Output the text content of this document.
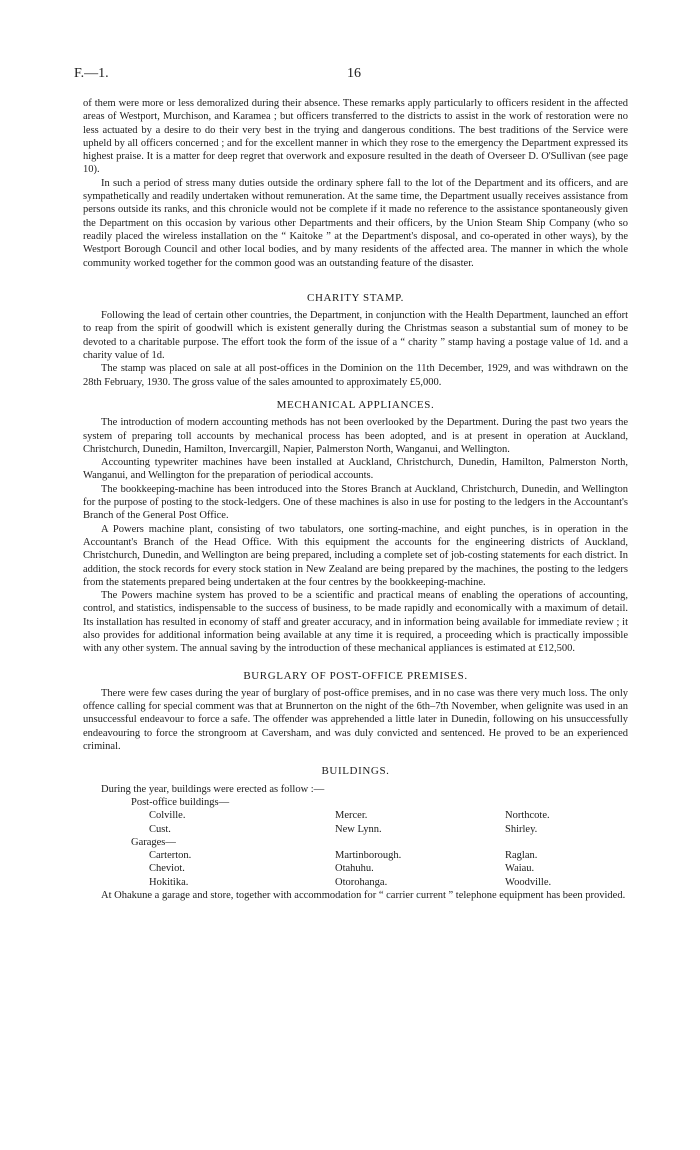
F.—1.	16

of them were more or less demoralized during their absence. These remarks apply particularly to officers resident in the affected areas of Westport, Murchison, and Karamea ; but officers transferred to the districts to assist in the work of restoration were no less actuated by a desire to do their very best in the trying and dangerous conditions. The best traditions of the Service were upheld by all officers concerned ; and for the excellent manner in which they rose to the emergency the Department expressed its highest praise. It is a matter for deep regret that overwork and exposure resulted in the death of Overseer D. O'Sullivan (see page 10).

In such a period of stress many duties outside the ordinary sphere fall to the lot of the Department and its officers, and are sympathetically and readily undertaken without remuneration. At the same time, the Department usually receives assistance from persons outside its ranks, and this chronicle would not be complete if it made no reference to the assistance spontaneously given the Department on this occasion by various other Departments and their officers, by the Union Steam Ship Company (who so readily placed the wireless installation on the “ Kaitoke ” at the Department's disposal, and co-operated in other ways), by the Westport Borough Council and other local bodies, and by many residents of the affected area. The manner in which the whole community worked together for the common good was an outstanding feature of the disaster.

CHARITY STAMP.

Following the lead of certain other countries, the Department, in conjunction with the Health Department, launched an effort to reap from the spirit of goodwill which is existent generally during the Christmas season a substantial sum of money to be devoted to a charitable purpose. The effort took the form of the issue of a “ charity ” stamp having a postage value of 1d. and a charity value of 1d.

The stamp was placed on sale at all post-offices in the Dominion on the 11th December, 1929, and was withdrawn on the 28th February, 1930. The gross value of the sales amounted to approximately £5,000.

MECHANICAL APPLIANCES.

The introduction of modern accounting methods has not been overlooked by the Department. During the past two years the system of preparing toll accounts by mechanical process has been adopted, and is at present in operation at Auckland, Christchurch, Dunedin, Hamilton, Invercargill, Napier, Palmerston North, Wanganui, and Wellington.

Accounting typewriter machines have been installed at Auckland, Christchurch, Dunedin, Hamilton, Palmerston North, Wanganui, and Wellington for the preparation of periodical accounts.

The bookkeeping-machine has been introduced into the Stores Branch at Auckland, Christchurch, Dunedin, and Wellington for the purpose of posting to the stock-ledgers. One of these machines is also in use for posting to the ledgers in the Accountant's Branch of the General Post Office.

A Powers machine plant, consisting of two tabulators, one sorting-machine, and eight punches, is in operation in the Accountant's Branch of the Head Office. With this equipment the accounts for the engineering districts of Auckland, Christchurch, Dunedin, and Wellington are being prepared, including a complete set of job-costing statements for each district. In addition, the stock records for every stock station in New Zealand are being prepared by the machines, the posting to the ledgers from the statements prepared being undertaken at the four centres by the bookkeeping-machine.

The Powers machine system has proved to be a scientific and practical means of enabling the operations of accounting, control, and statistics, indispensable to the success of business, to be made rapidly and economically with a maximum of detail. Its installation has resulted in economy of staff and greater accuracy, and in information being available for immediate review ; it also provides for additional information being available at any time it is required, a proceeding which is practically impossible with any other system. The annual saving by the introduction of these mechanical appliances is estimated at £12,500.

BURGLARY OF POST-OFFICE PREMISES.

There were few cases during the year of burglary of post-office premises, and in no case was there very much loss. The only offence calling for special comment was that at Brunnerton on the night of the 6th–7th November, when gelignite was used in an unsuccessful endeavour to force a safe. The offender was apprehended a little later in Dunedin, following on his unsuccessfully endeavouring to force the strongroom at Caversham, and was duly convicted and sentenced. He proved to be an experienced criminal.

BUILDINGS.

During the year, buildings were erected as follow :—

Post-office buildings—
Colville.	Mercer.	Northcote.
Cust.	New Lynn.	Shirley.
Garages—
Carterton.	Martinborough.	Raglan.
Cheviot.	Otahuhu.	Waiau.
Hokitika.	Otorohanga.	Woodville.

At Ohakune a garage and store, together with accommodation for “ carrier current ” telephone equipment has been provided.
